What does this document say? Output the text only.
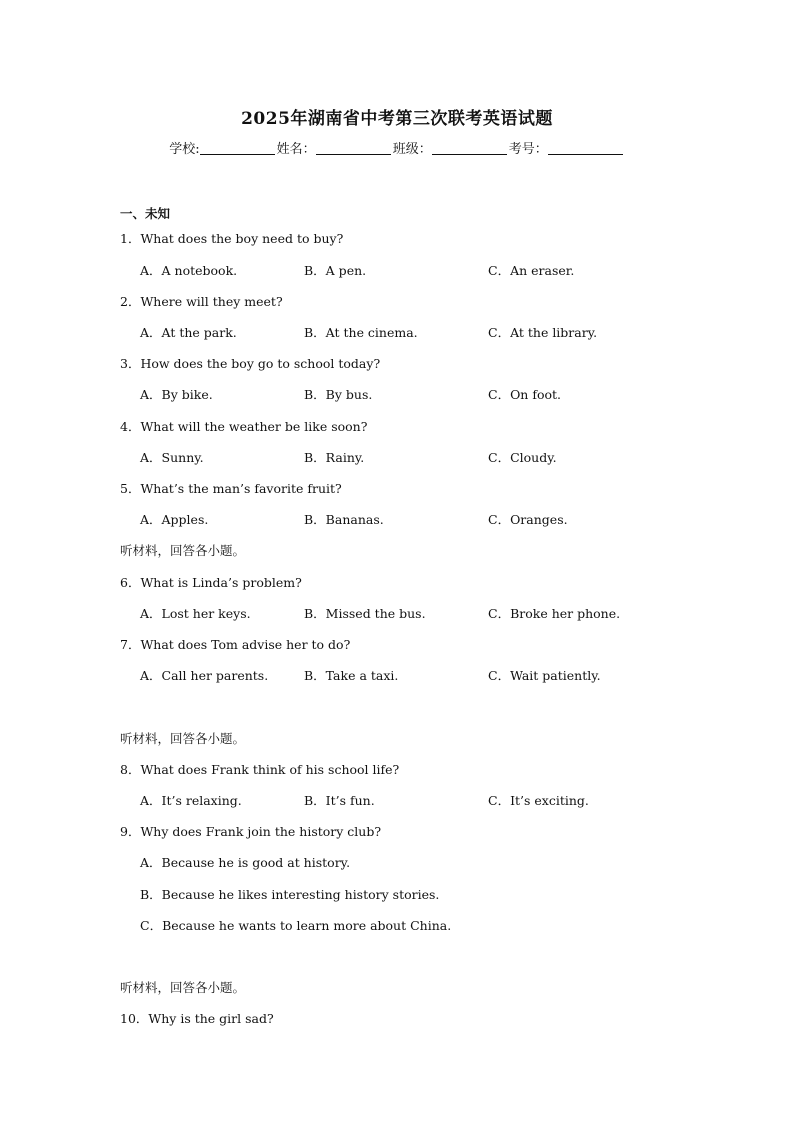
2025年湖南省中考第三次联考英语试题
学校:	姓名：	班级：	考号：
一、未知
1．What does the boy need to buy?
A．A notebook.	B．A pen.	C．An eraser.
2．Where will they meet?
A．At the park.	B．At the cinema.	C．At the library.
3．How does the boy go to school today?
A．By bike.	B．By bus.	C．On foot.
4．What will the weather be like soon?
A．Sunny.	B．Rainy.	C．Cloudy.
5．What’s the man’s favorite fruit?
A．Apples.	B．Bananas.	C．Oranges.
听材料，回答各小题。
6．What is Linda’s problem?
A．Lost her keys.	B．Missed the bus.	C．Broke her phone.
7．What does Tom advise her to do?
A．Call her parents.	B．Take a taxi.	C．Wait patiently.
听材料，回答各小题。
8．What does Frank think of his school life?
A．It’s relaxing.	B．It’s fun.	C．It’s exciting.
9．Why does Frank join the history club?
A．Because he is good at history.
B．Because he likes interesting history stories.
C．Because he wants to learn more about China.
听材料，回答各小题。
10．Why is the girl sad?
